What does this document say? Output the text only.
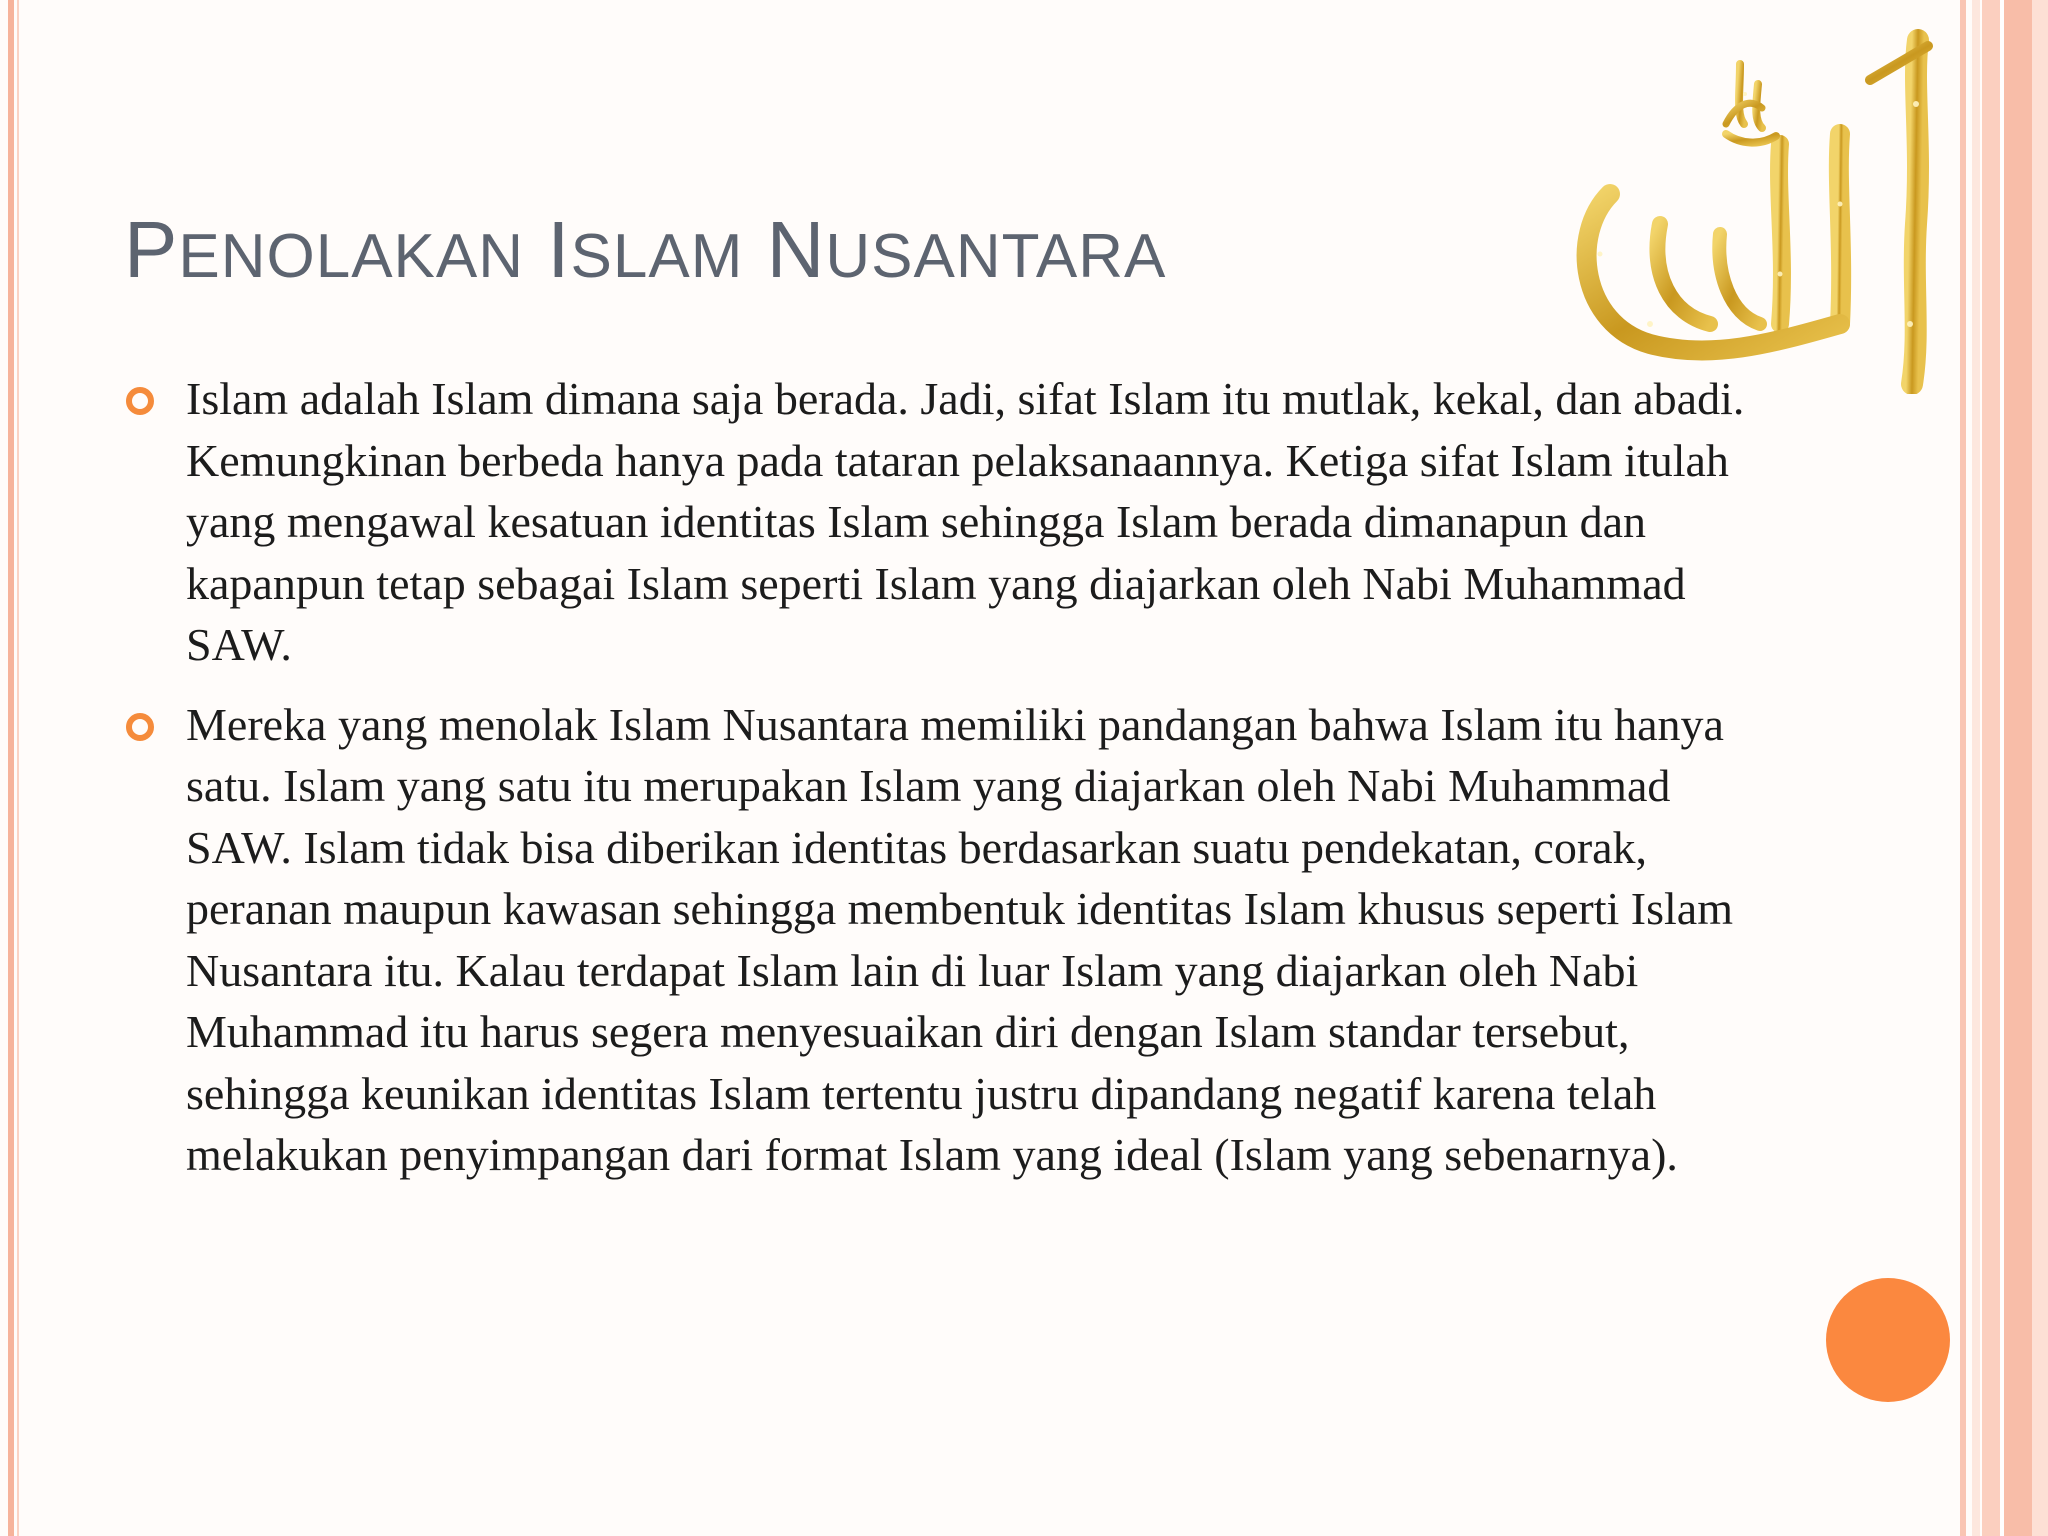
PENOLAKAN ISLAM NUSANTARA
Islam adalah Islam dimana saja berada. Jadi, sifat Islam itu mutlak, kekal, dan abadi. Kemungkinan berbeda hanya pada tataran pelaksanaannya. Ketiga sifat Islam itulah yang mengawal kesatuan identitas Islam sehingga Islam berada dimanapun dan kapanpun tetap sebagai Islam seperti Islam yang diajarkan oleh Nabi Muhammad SAW.
Mereka yang menolak Islam Nusantara memiliki pandangan bahwa Islam itu hanya satu. Islam yang satu itu merupakan Islam yang diajarkan oleh Nabi Muhammad SAW. Islam tidak bisa diberikan identitas berdasarkan suatu pendekatan, corak, peranan maupun kawasan sehingga membentuk identitas Islam khusus seperti Islam Nusantara itu. Kalau terdapat Islam lain di luar Islam yang diajarkan oleh Nabi Muhammad itu harus segera menyesuaikan diri dengan Islam standar tersebut, sehingga keunikan identitas Islam tertentu justru dipandang negatif karena telah melakukan penyimpangan dari format Islam yang ideal (Islam yang sebenarnya).
